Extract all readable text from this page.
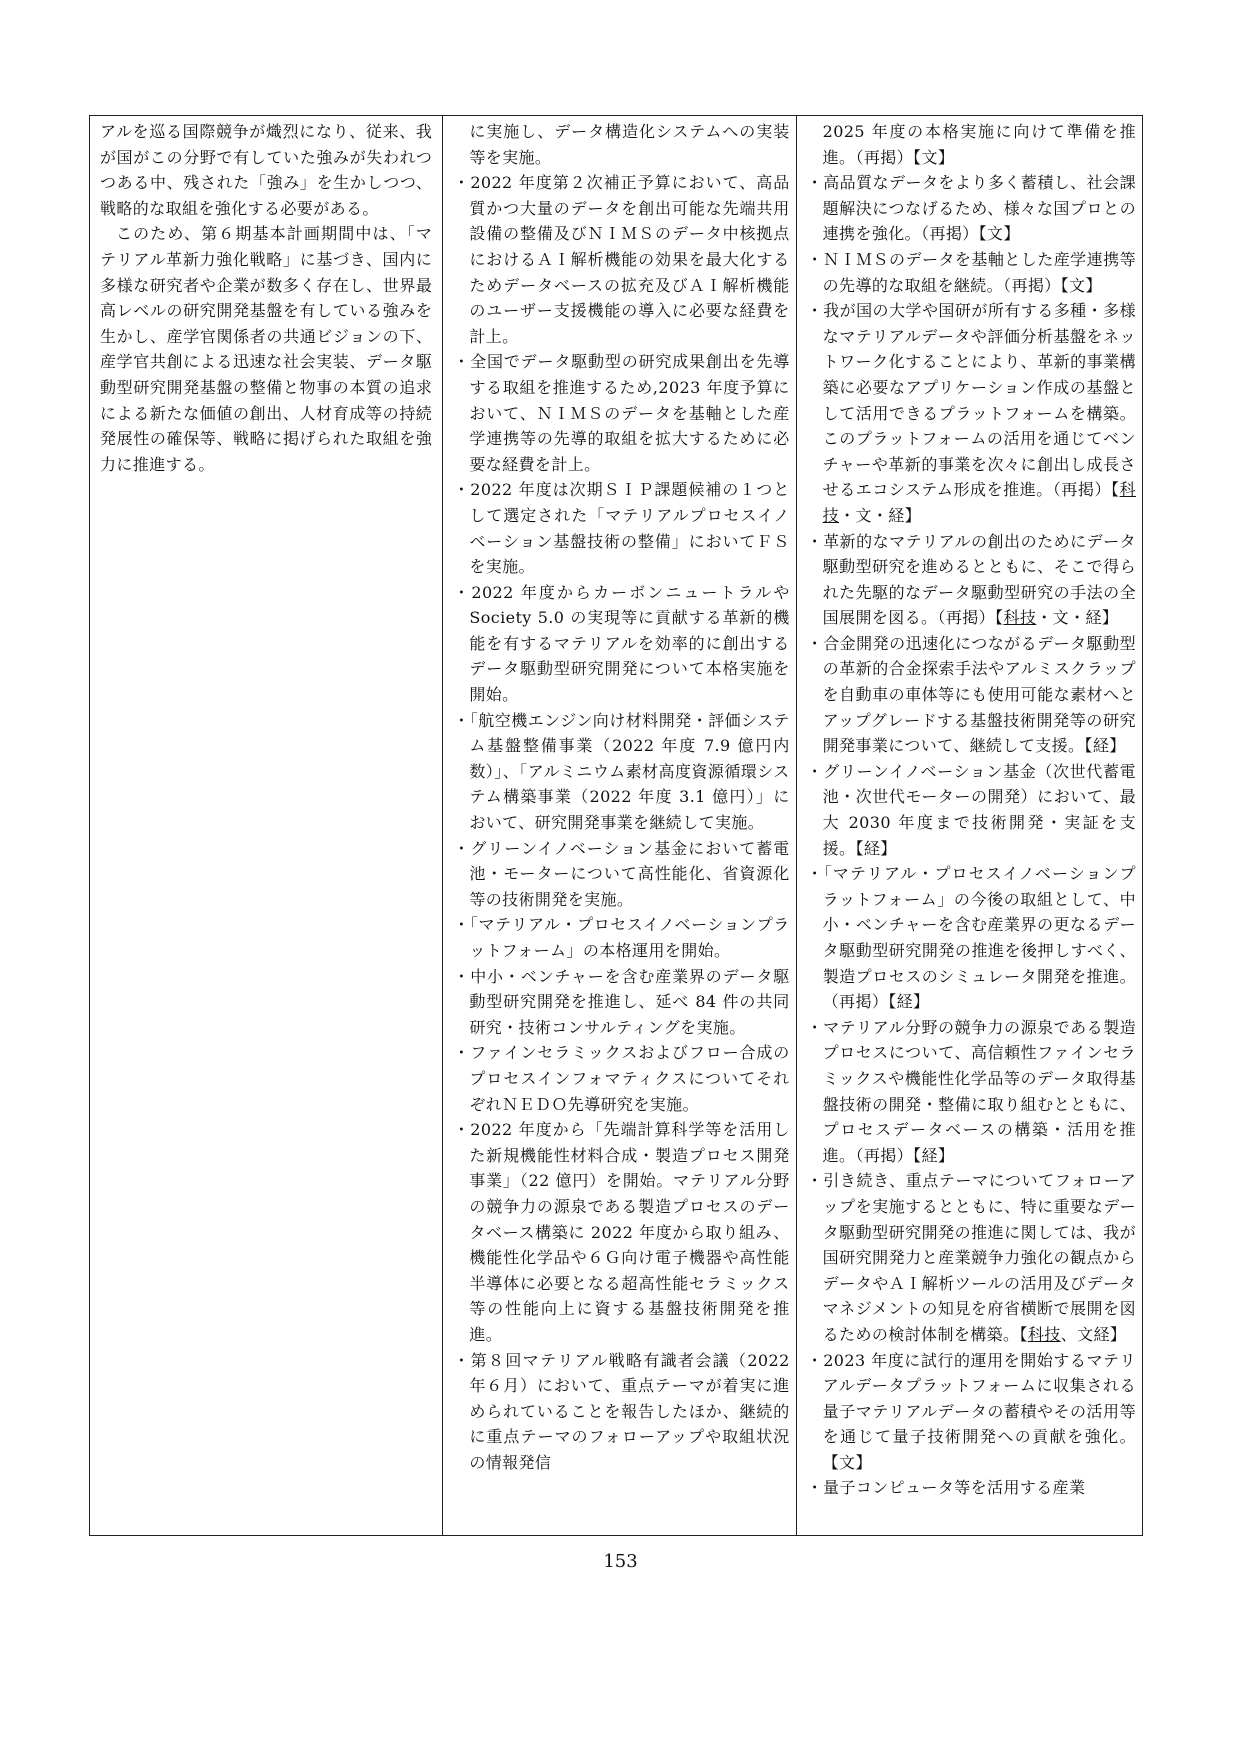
アルを巡る国際競争が熾烈になり、従来、我が国がこの分野で有していた強みが失われつつある中、残された「強み」を生かしつつ、戦略的な取組を強化する必要がある。

このため、第６期基本計画期間中は、「マテリアル革新力強化戦略」に基づき、国内に多様な研究者や企業が数多く存在し、世界最高レベルの研究開発基盤を有している強みを生かし、産学官関係者の共通ビジョンの下、産学官共創による迅速な社会実装、データ駆動型研究開発基盤の整備と物事の本質の追求による新たな価値の創出、人材育成等の持続発展性の確保等、戦略に掲げられた取組を強力に推進する。

に実施し、データ構造化システムへの実装等を実施。

・2022 年度第２次補正予算において、高品質かつ大量のデータを創出可能な先端共用設備の整備及びＮＩＭＳのデータ中核拠点におけるＡＩ解析機能の効果を最大化するためデータベースの拡充及びＡＩ解析機能のユーザー支援機能の導入に必要な経費を計上。

・全国でデータ駆動型の研究成果創出を先導する取組を推進するため,2023 年度予算において、ＮＩＭＳのデータを基軸とした産学連携等の先導的取組を拡大するために必要な経費を計上。

・2022 年度は次期ＳＩＰ課題候補の１つとして選定された「マテリアルプロセスイノベーション基盤技術の整備」においてＦＳを実施。

・2022 年度からカーボンニュートラルや Society 5.0 の実現等に貢献する革新的機能を有するマテリアルを効率的に創出するデータ駆動型研究開発について本格実施を開始。

・「航空機エンジン向け材料開発・評価システム基盤整備事業（2022 年度 7.9 億円内数）」、「アルミニウム素材高度資源循環システム構築事業（2022 年度 3.1 億円）」において、研究開発事業を継続して実施。

・グリーンイノベーション基金において蓄電池・モーターについて高性能化、省資源化等の技術開発を実施。

・「マテリアル・プロセスイノベーションプラットフォーム」の本格運用を開始。

・中小・ベンチャーを含む産業界のデータ駆動型研究開発を推進し、延べ 84 件の共同研究・技術コンサルティングを実施。

・ファインセラミックスおよびフロー合成のプロセスインフォマティクスについてそれぞれＮＥＤＯ先導研究を実施。

・2022 年度から「先端計算科学等を活用した新規機能性材料合成・製造プロセス開発事業」（22 億円）を開始。マテリアル分野の競争力の源泉である製造プロセスのデータベース構築に 2022 年度から取り組み、機能性化学品や６Ｇ向け電子機器や高性能半導体に必要となる超高性能セラミックス等の性能向上に資する基盤技術開発を推進。

・第８回マテリアル戦略有識者会議（2022 年６月）において、重点テーマが着実に進められていることを報告したほか、継続的に重点テーマのフォローアップや取組状況の情報発信

2025 年度の本格実施に向けて準備を推進。（再掲）【文】

・高品質なデータをより多く蓄積し、社会課題解決につなげるため、様々な国プロとの連携を強化。（再掲）【文】

・ＮＩＭＳのデータを基軸とした産学連携等の先導的な取組を継続。（再掲）【文】

・我が国の大学や国研が所有する多種・多様なマテリアルデータや評価分析基盤をネットワーク化することにより、革新的事業構築に必要なアプリケーション作成の基盤として活用できるプラットフォームを構築。このプラットフォームの活用を通じてベンチャーや革新的事業を次々に創出し成長させるエコシステム形成を推進。（再掲）【科技・文・経】

・革新的なマテリアルの創出のためにデータ駆動型研究を進めるとともに、そこで得られた先駆的なデータ駆動型研究の手法の全国展開を図る。（再掲）【科技・文・経】

・合金開発の迅速化につながるデータ駆動型の革新的合金探索手法やアルミスクラップを自動車の車体等にも使用可能な素材へとアップグレードする基盤技術開発等の研究開発事業について、継続して支援。【経】

・グリーンイノベーション基金（次世代蓄電池・次世代モーターの開発）において、最大 2030 年度まで技術開発・実証を支援。【経】

・「マテリアル・プロセスイノベーションプラットフォーム」の今後の取組として、中小・ベンチャーを含む産業界の更なるデータ駆動型研究開発の推進を後押しすべく、製造プロセスのシミュレータ開発を推進。（再掲）【経】

・マテリアル分野の競争力の源泉である製造プロセスについて、高信頼性ファインセラミックスや機能性化学品等のデータ取得基盤技術の開発・整備に取り組むとともに、プロセスデータベースの構築・活用を推進。（再掲）【経】

・引き続き、重点テーマについてフォローアップを実施するとともに、特に重要なデータ駆動型研究開発の推進に関しては、我が国研究開発力と産業競争力強化の観点からデータやＡＩ解析ツールの活用及びデータマネジメントの知見を府省横断で展開を図るための検討体制を構築。【科技、文経】

・2023 年度に試行的運用を開始するマテリアルデータプラットフォームに収集される量子マテリアルデータの蓄積やその活用等を通じて量子技術開発への貢献を強化。【文】

・量子コンピュータ等を活用する産業

153
